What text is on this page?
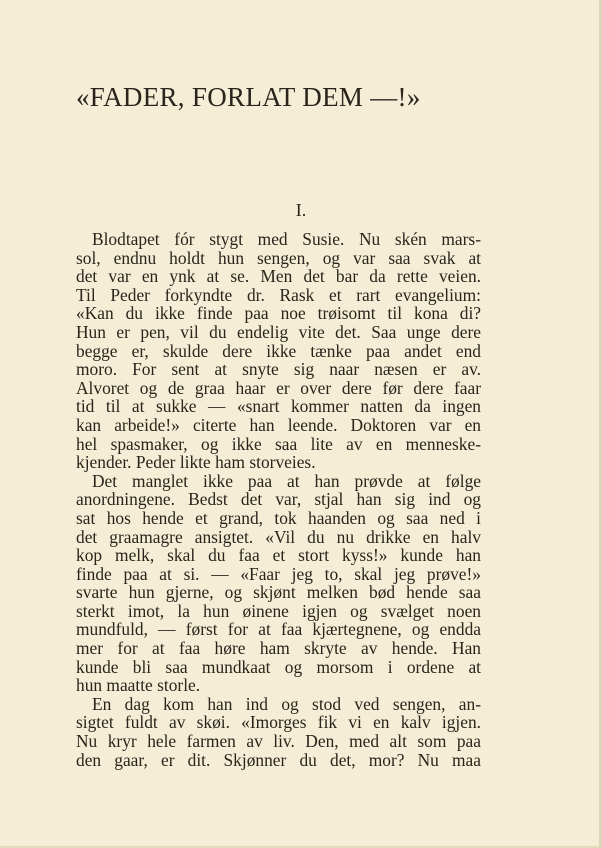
«FADER, FORLAT DEM —!»
I.
Blodtapet fór stygt med Susie. Nu skén mars-
sol, endnu holdt hun sengen, og var saa svak at
det var en ynk at se. Men det bar da rette veien.
Til Peder forkyndte dr. Rask et rart evangelium:
«Kan du ikke finde paa noe trøisomt til kona di?
Hun er pen, vil du endelig vite det. Saa unge dere
begge er, skulde dere ikke tænke paa andet end
moro. For sent at snyte sig naar næsen er av.
Alvoret og de graa haar er over dere før dere faar
tid til at sukke — «snart kommer natten da ingen
kan arbeide!» citerte han leende. Doktoren var en
hel spasmaker, og ikke saa lite av en menneske-
kjender. Peder likte ham storveies.
Det manglet ikke paa at han prøvde at følge
anordningene. Bedst det var, stjal han sig ind og
sat hos hende et grand, tok haanden og saa ned i
det graamagre ansigtet. «Vil du nu drikke en halv
kop melk, skal du faa et stort kyss!» kunde han
finde paa at si. — «Faar jeg to, skal jeg prøve!»
svarte hun gjerne, og skjønt melken bød hende saa
sterkt imot, la hun øinene igjen og svælget noen
mundfuld, — først for at faa kjærtegnene, og endda
mer for at faa høre ham skryte av hende. Han
kunde bli saa mundkaat og morsom i ordene at
hun maatte storle.
En dag kom han ind og stod ved sengen, an-
sigtet fuldt av skøi. «Imorges fik vi en kalv igjen.
Nu kryr hele farmen av liv. Den, med alt som paa
den gaar, er dit. Skjønner du det, mor? Nu maa
